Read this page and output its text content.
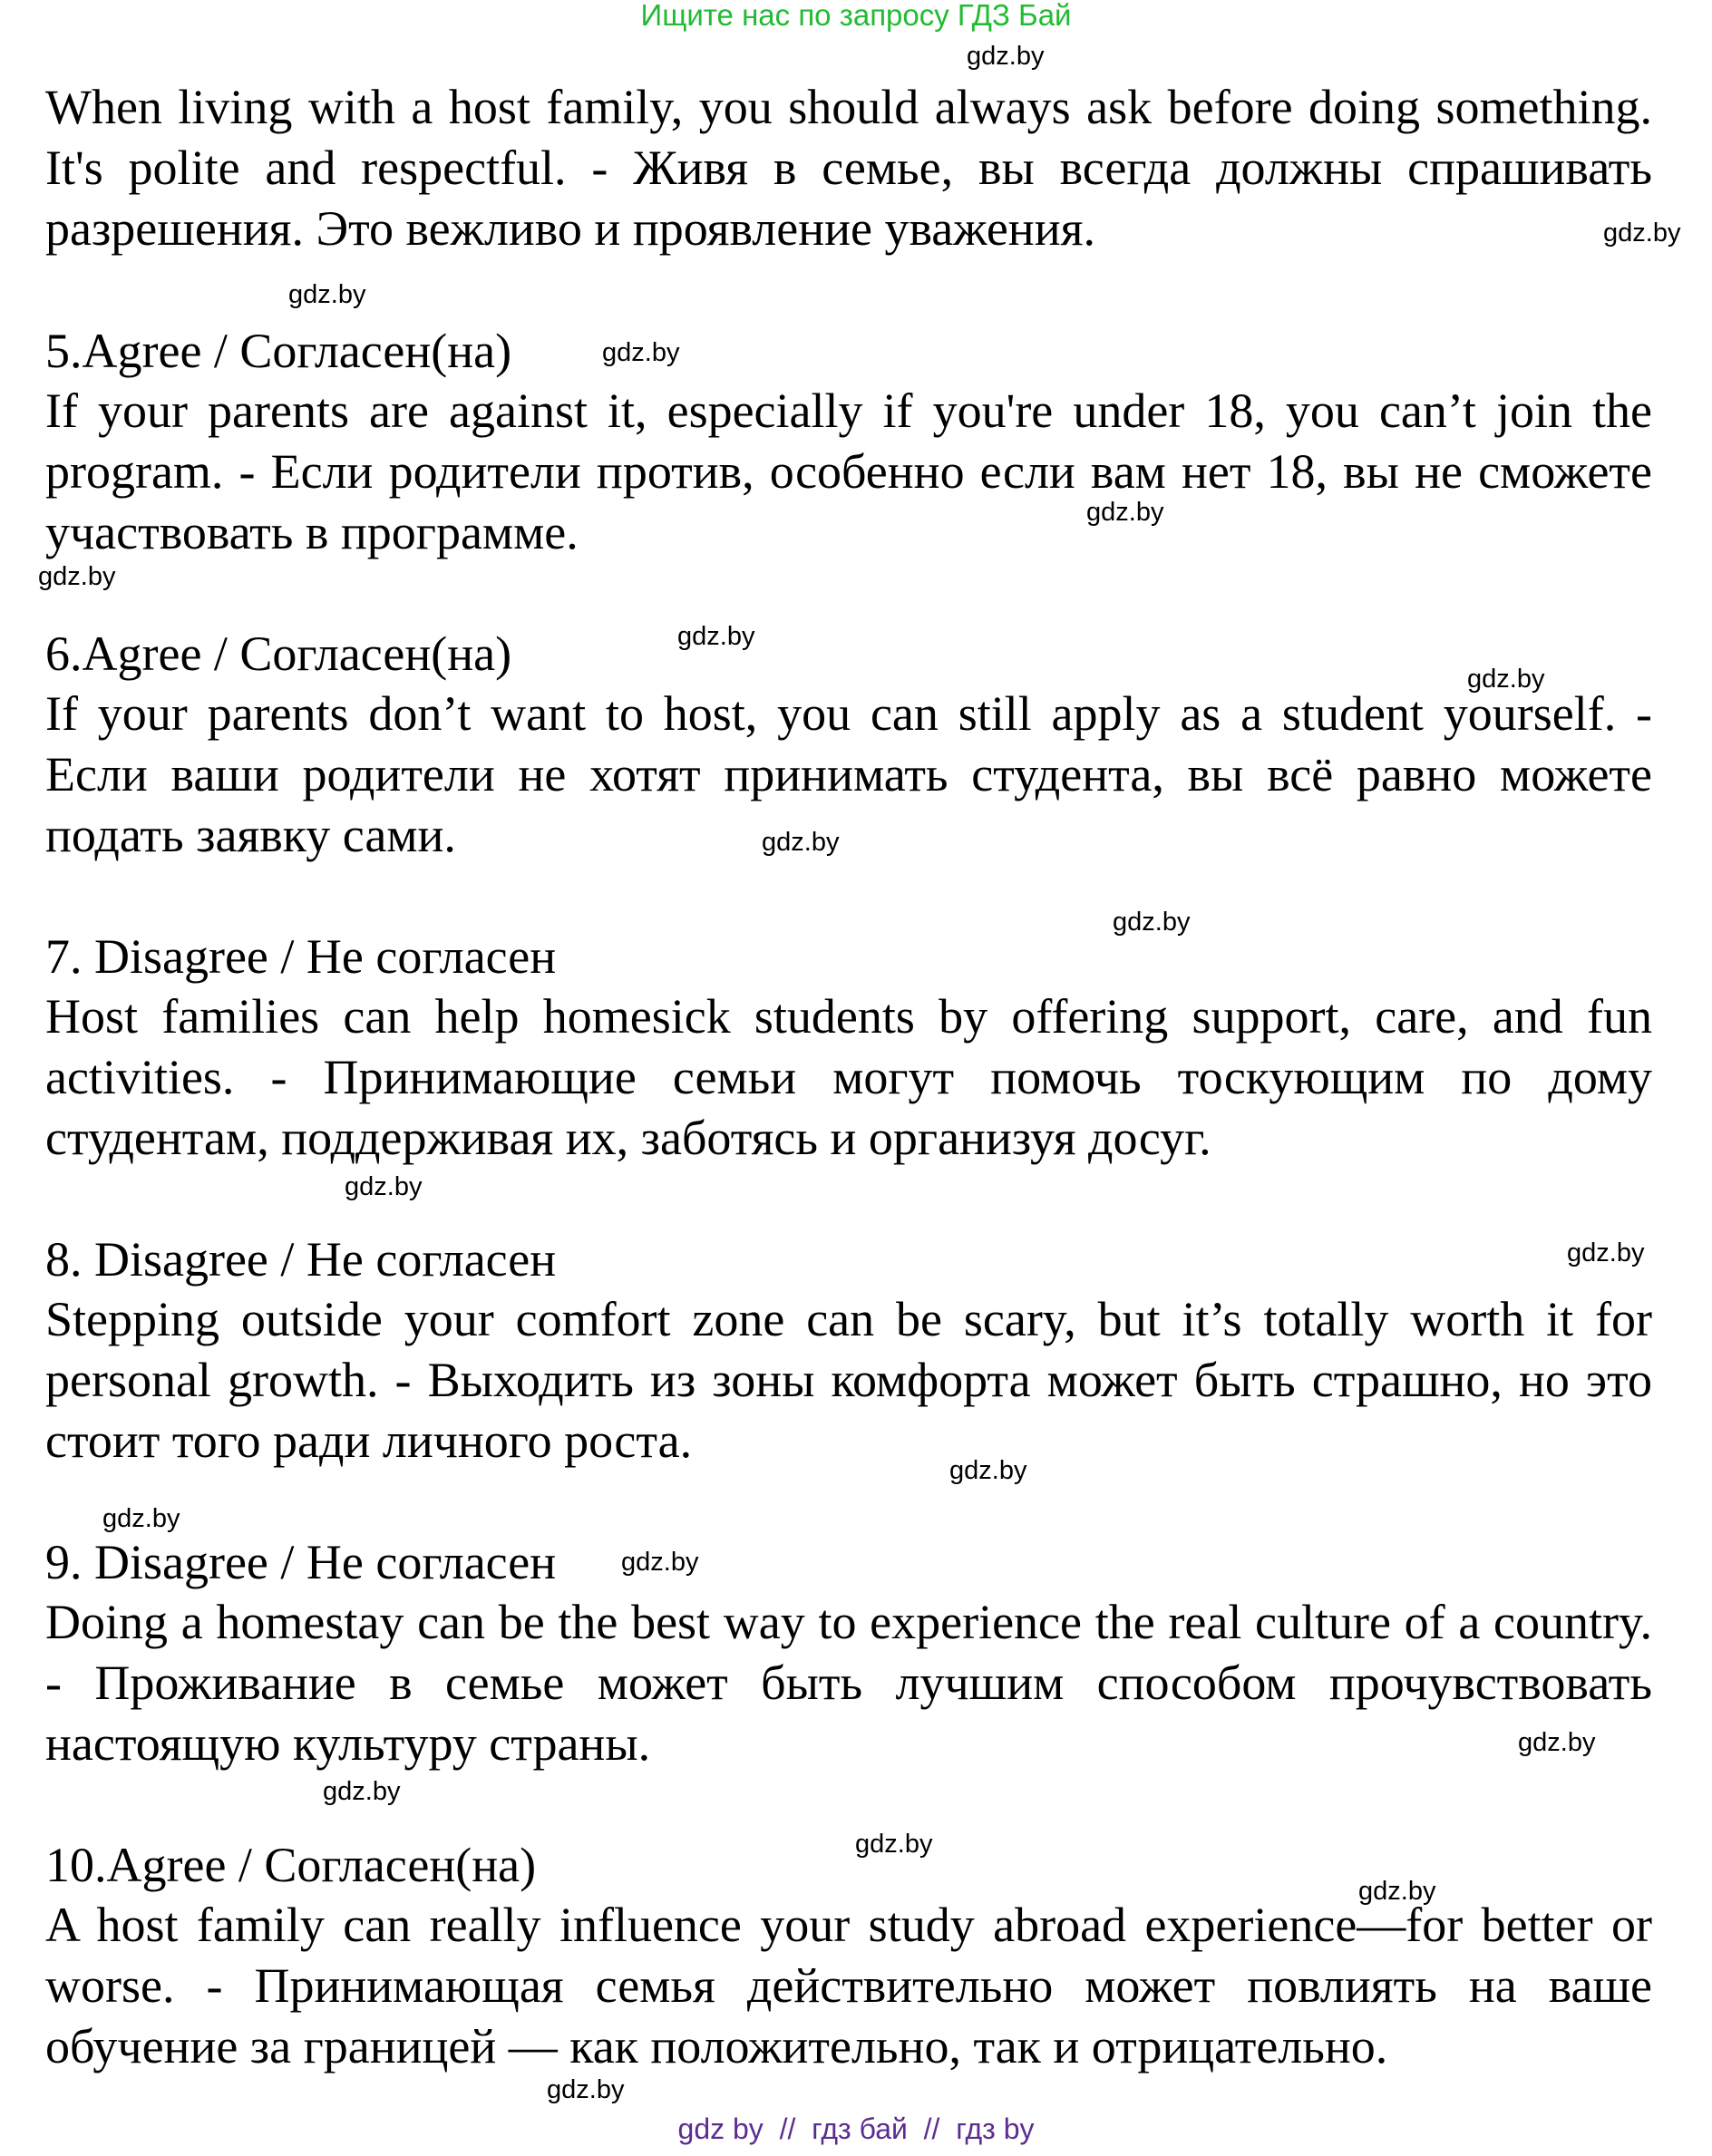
Ищите нас по запросу ГДЗ Бай
gdz.by
gdz.by
gdz.by
gdz.by
gdz.by
gdz.by
gdz.by
gdz.by
gdz.by
gdz.by
gdz.by
gdz.by
gdz.by
gdz.by
gdz.by
gdz.by
gdz.by
gdz.by
gdz.by
gdz.by
When living with a host family, you should always ask before doing something. It's polite and respectful. - Живя в семье, вы всегда должны спрашивать разрешения. Это вежливо и проявление уважения.
5.Agree / Согласен(на)
If your parents are against it, especially if you're under 18, you can’t join the program. - Если родители против, особенно если вам нет 18, вы не сможете участвовать в программе.
6.Agree / Согласен(на)
If your parents don’t want to host, you can still apply as a student yourself. - Если ваши родители не хотят принимать студента, вы всё равно можете подать заявку сами.
7. Disagree / Не согласен
Host families can help homesick students by offering support, care, and fun activities. - Принимающие семьи могут помочь тоскующим по дому студентам, поддерживая их, заботясь и организуя досуг.
8. Disagree / Не согласен
Stepping outside your comfort zone can be scary, but it’s totally worth it for personal growth. - Выходить из зоны комфорта может быть страшно, но это стоит того ради личного роста.
9. Disagree / Не согласен
Doing a homestay can be the best way to experience the real culture of a country. - Проживание в семье может быть лучшим способом прочувствовать настоящую культуру страны.
10.Agree / Согласен(на)
A host family can really influence your study abroad experience—for better or worse. - Принимающая семья действительно может повлиять на ваше обучение за границей — как положительно, так и отрицательно.
gdz by  //  гдз бай  //  гдз by
